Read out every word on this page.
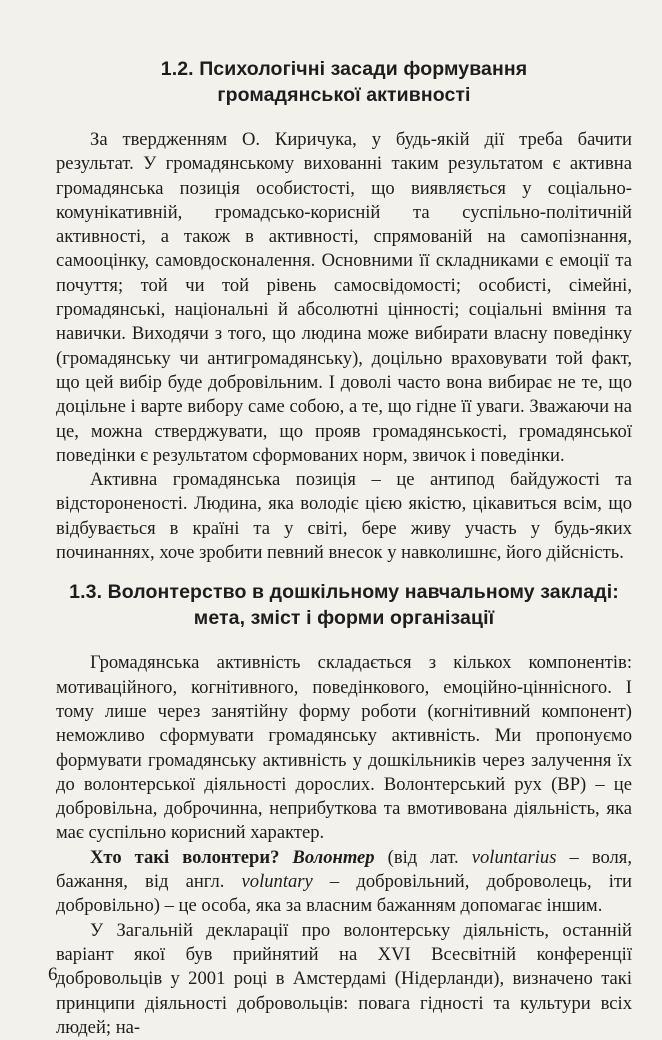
1.2. Психологічні засади формування
громадянської активності

За твердженням О. Киричука, у будь-якій дії треба бачити результат. У громадянському вихованні таким результатом є активна громадянська позиція особистості, що виявляється у соціально-комунікативній, громадсько-корисній та суспільно-політичній активності, а також в активності, спрямованій на самопізнання, самооцінку, самовдосконалення. Основними її складниками є емоції та почуття; той чи той рівень самосвідомості; особисті, сімейні, громадянські, національні й абсолютні цінності; соціальні вміння та навички. Виходячи з того, що людина може вибирати власну поведінку (громадянську чи антигромадянську), доцільно враховувати той факт, що цей вибір буде добровільним. І доволі часто вона вибирає не те, що доцільне і варте вибору саме собою, а те, що гідне її уваги. Зважаючи на це, можна стверджувати, що прояв громадянськості, громадянської поведінки є результатом сформованих норм, звичок і поведінки.

Активна громадянська позиція – це антипод байдужості та відстороненості. Людина, яка володіє цією якістю, цікавиться всім, що відбувається в країні та у світі, бере живу участь у будь-яких починаннях, хоче зробити певний внесок у навколишнє, його дійсність.

1.3. Волонтерство в дошкільному навчальному закладі:
мета, зміст і форми організації

Громадянська активність складається з кількох компонентів: мотиваційного, когнітивного, поведінкового, емоційно-ціннісного. І тому лише через занятійну форму роботи (когнітивний компонент) неможливо сформувати громадянську активність. Ми пропонуємо формувати громадянську активність у дошкільників через залучення їх до волонтерської діяльності дорослих. Волонтерський рух (ВР) – це добровільна, доброчинна, неприбуткова та вмотивована діяльність, яка має суспільно корисний характер.

Хто такі волонтери? Волонтер (від лат. voluntarius – воля, бажання, від англ. voluntary – добровільний, доброволець, іти добровільно) – це особа, яка за власним бажанням допомагає іншим.

У Загальній декларації про волонтерську діяльність, останній варіант якої був прийнятий на XVI Всесвітній конференції добровольців у 2001 році в Амстердамі (Нідерланди), визначено такі принципи діяльності добровольців: повага гідності та культури всіх людей; на-

6
